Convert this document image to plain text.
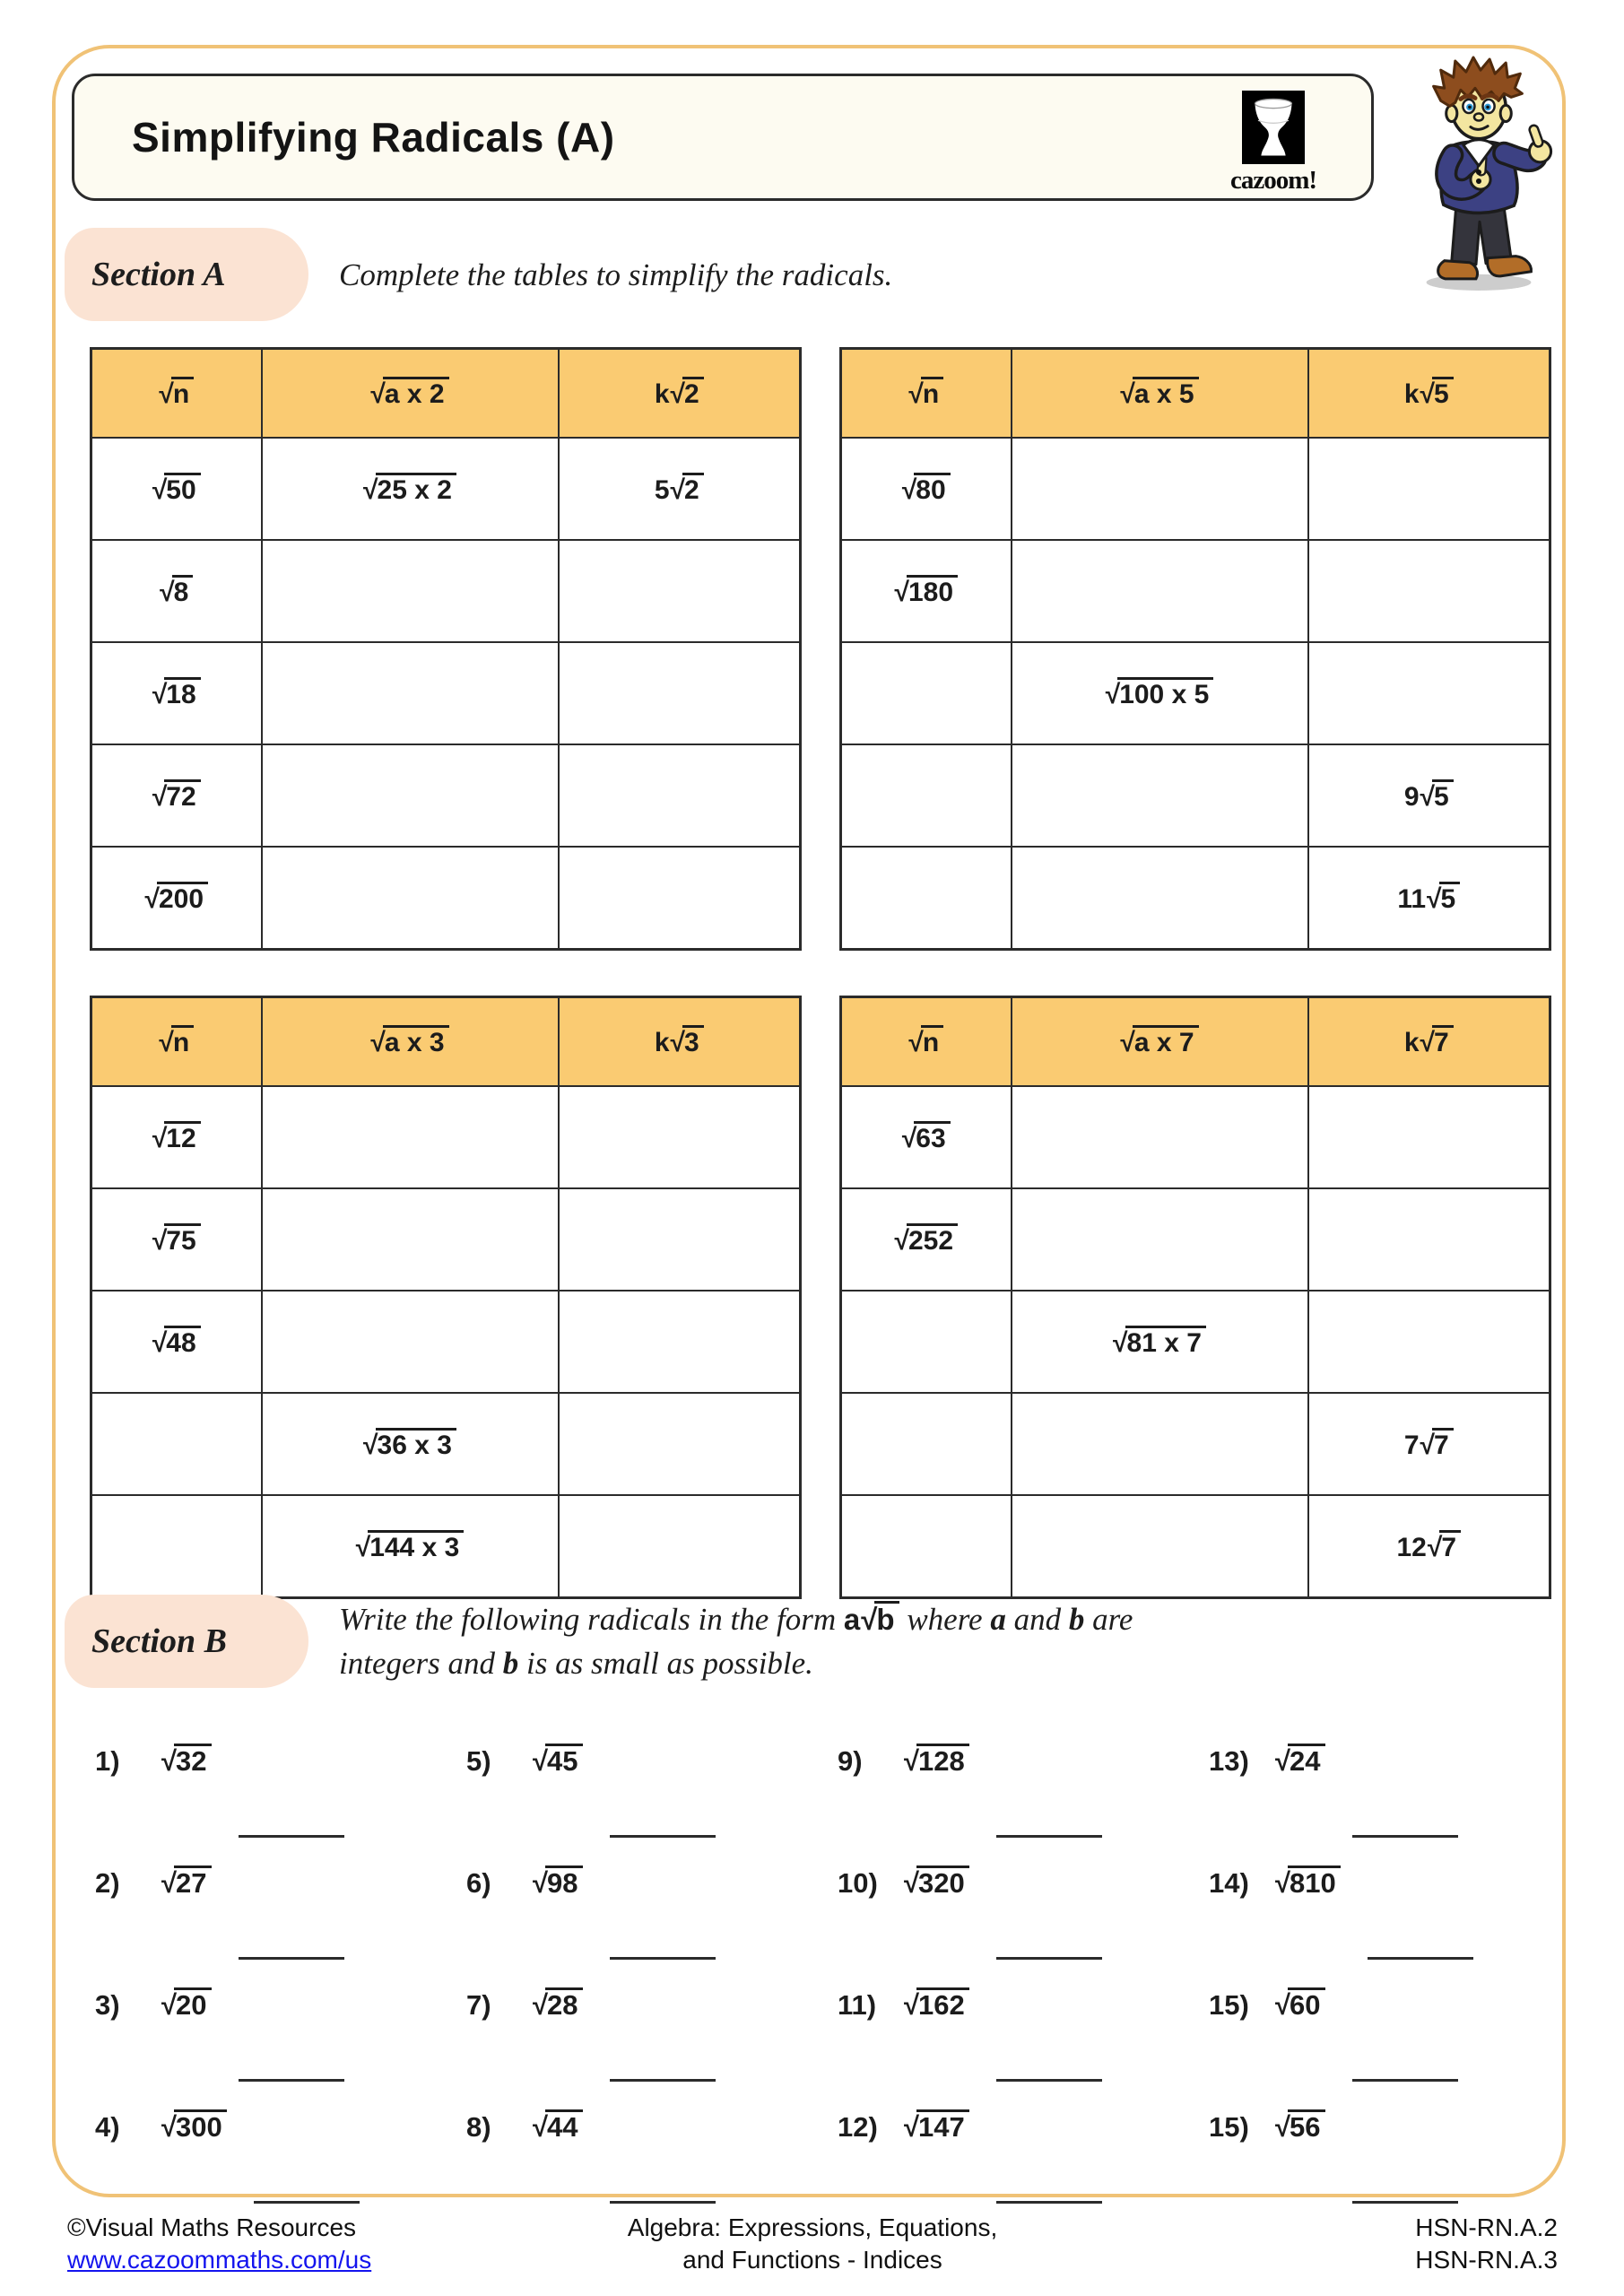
Simplifying Radicals (A)
cazoom!
Section A	Complete the tables to simplify the radicals.
√n	√a x 2	k√2
√50	√25 x 2	5√2
√8		
√18		
√72		
√200		
√n	√a x 5	k√5
√80		
√180		
	√100 x 5	
		9√5
		11√5
√n	√a x 3	k√3
√12		
√75		
√48		
	√36 x 3	
	√144 x 3	
√n	√a x 7	k√7
√63		
√252		
	√81 x 7	
		7√7
		12√7
Section B
Write the following radicals in the form a√b where a and b are
integers and b is as small as possible.
1)	√32	5)	√45	9)	√128	13) √24
2)	√27	6)	√98	10) √320	14) √810
3)	√20	7)	√28	11) √162	15) √60
4)	√300	8)	√44	12) √147	15) √56
©Visual Maths Resources
www.cazoommaths.com/us
Algebra: Expressions, Equations,
and Functions - Indices
HSN-RN.A.2
HSN-RN.A.3
